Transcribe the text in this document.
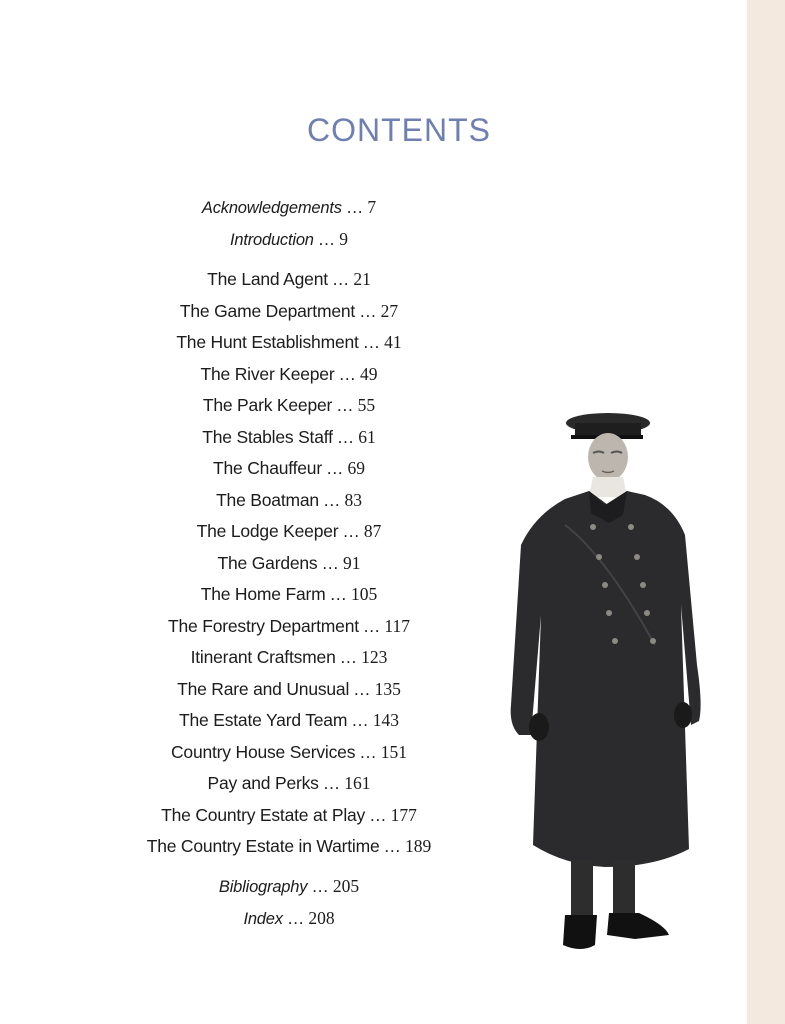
CONTENTS
Acknowledgements … 7
Introduction … 9
The Land Agent … 21
The Game Department … 27
The Hunt Establishment … 41
The River Keeper … 49
The Park Keeper … 55
The Stables Staff … 61
The Chauffeur … 69
The Boatman … 83
The Lodge Keeper … 87
The Gardens … 91
The Home Farm … 105
The Forestry Department … 117
Itinerant Craftsmen … 123
The Rare and Unusual … 135
The Estate Yard Team … 143
Country House Services … 151
Pay and Perks … 161
The Country Estate at Play … 177
The Country Estate in Wartime … 189
Bibliography … 205
Index … 208
